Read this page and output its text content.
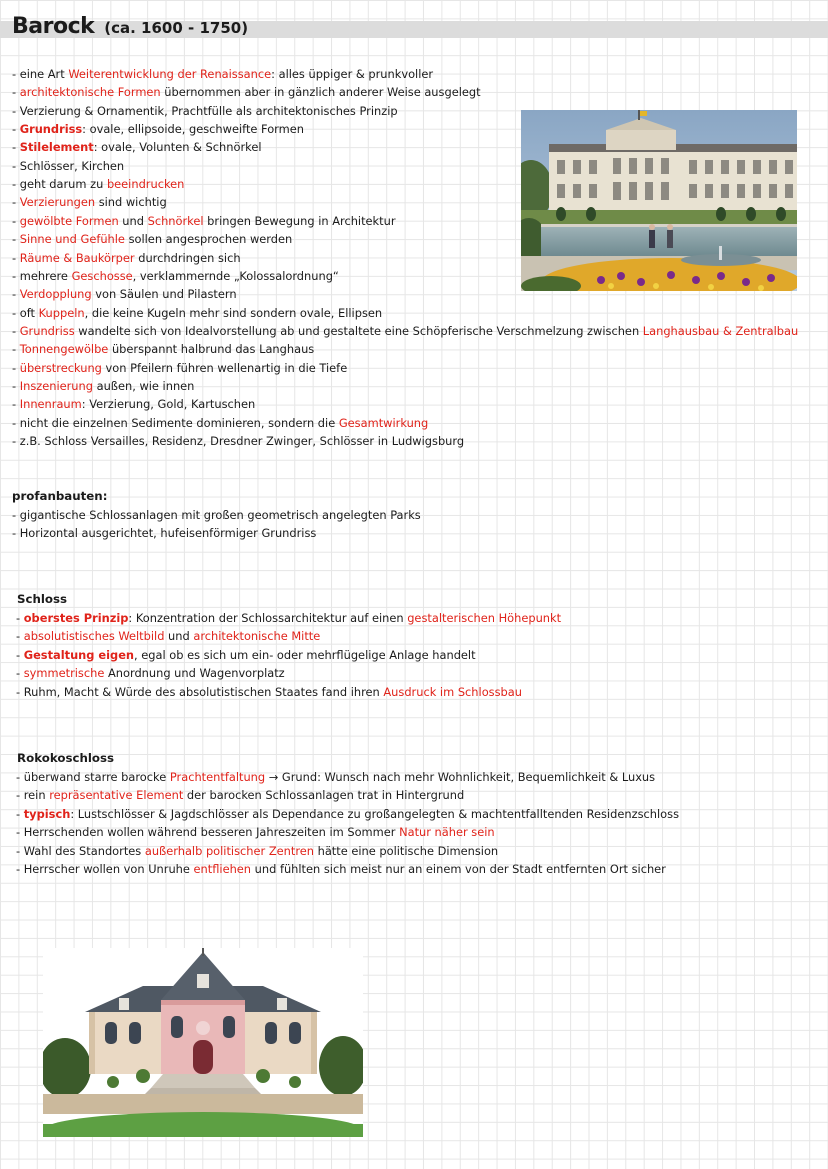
Barock (ca. 1600 - 1750)
- eine Art Weiterentwicklung der Renaissance: alles üppiger & prunkvoller
- architektonische Formen übernommen aber in gänzlich anderer Weise ausgelegt
- Verzierung & Ornamentik, Prachtfülle als architektonisches Prinzip
- Grundriss: ovale, ellipsoide, geschweifte Formen
- Stilelement: ovale, Volunten & Schnörkel
- Schlösser, Kirchen
- geht darum zu beeindrucken
- Verzierungen sind wichtig
- gewölbte Formen und Schnörkel bringen Bewegung in Architektur
- Sinne und Gefühle sollen angesprochen werden
- Räume & Baukörper durchdringen sich
- mehrere Geschosse, verklammernde „Kolossalordnung“
- Verdopplung von Säulen und Pilastern
- oft Kuppeln, die keine Kugeln mehr sind sondern ovale, Ellipsen
- Grundriss wandelte sich von Idealvorstellung ab und gestaltete eine Schöpferische Verschmelzung zwischen Langhausbau & Zentralbau
- Tonnengewölbe überspannt halbrund das Langhaus
- überstreckung von Pfeilern führen wellenartig in die Tiefe
- Inszenierung außen, wie innen
- Innenraum: Verzierung, Gold, Kartuschen
- nicht die einzelnen Sedimente dominieren, sondern die Gesamtwirkung
- z.B. Schloss Versailles, Residenz, Dresdner Zwinger, Schlösser in Ludwigsburg
profanbauten:
- gigantische Schlossanlagen mit großen geometrisch angelegten Parks
- Horizontal ausgerichtet, hufeisenförmiger Grundriss
Schloss
- oberstes Prinzip: Konzentration der Schlossarchitektur auf einen gestalterischen Höhepunkt
- absolutistisches Weltbild und architektonische Mitte
- Gestaltung eigen, egal ob es sich um ein- oder mehrflügelige Anlage handelt
- symmetrische Anordnung und Wagenvorplatz
- Ruhm, Macht & Würde des absolutistischen Staates fand ihren Ausdruck im Schlossbau
Rokokoschloss
- überwand starre barocke Prachtentfaltung → Grund: Wunsch nach mehr Wohnlichkeit, Bequemlichkeit & Luxus
- rein repräsentative Element der barocken Schlossanlagen trat in Hintergrund
- typisch: Lustschlösser & Jagdschlösser als Dependance zu großangelegten & machtentfalltenden Residenzschloss
- Herrschenden wollen während besseren Jahreszeiten im Sommer Natur näher sein
- Wahl des Standortes außerhalb politischer Zentren hätte eine politische Dimension
- Herrscher wollen von Unruhe entfliehen und fühlten sich meist nur an einem von der Stadt entfernten Ort sicher
